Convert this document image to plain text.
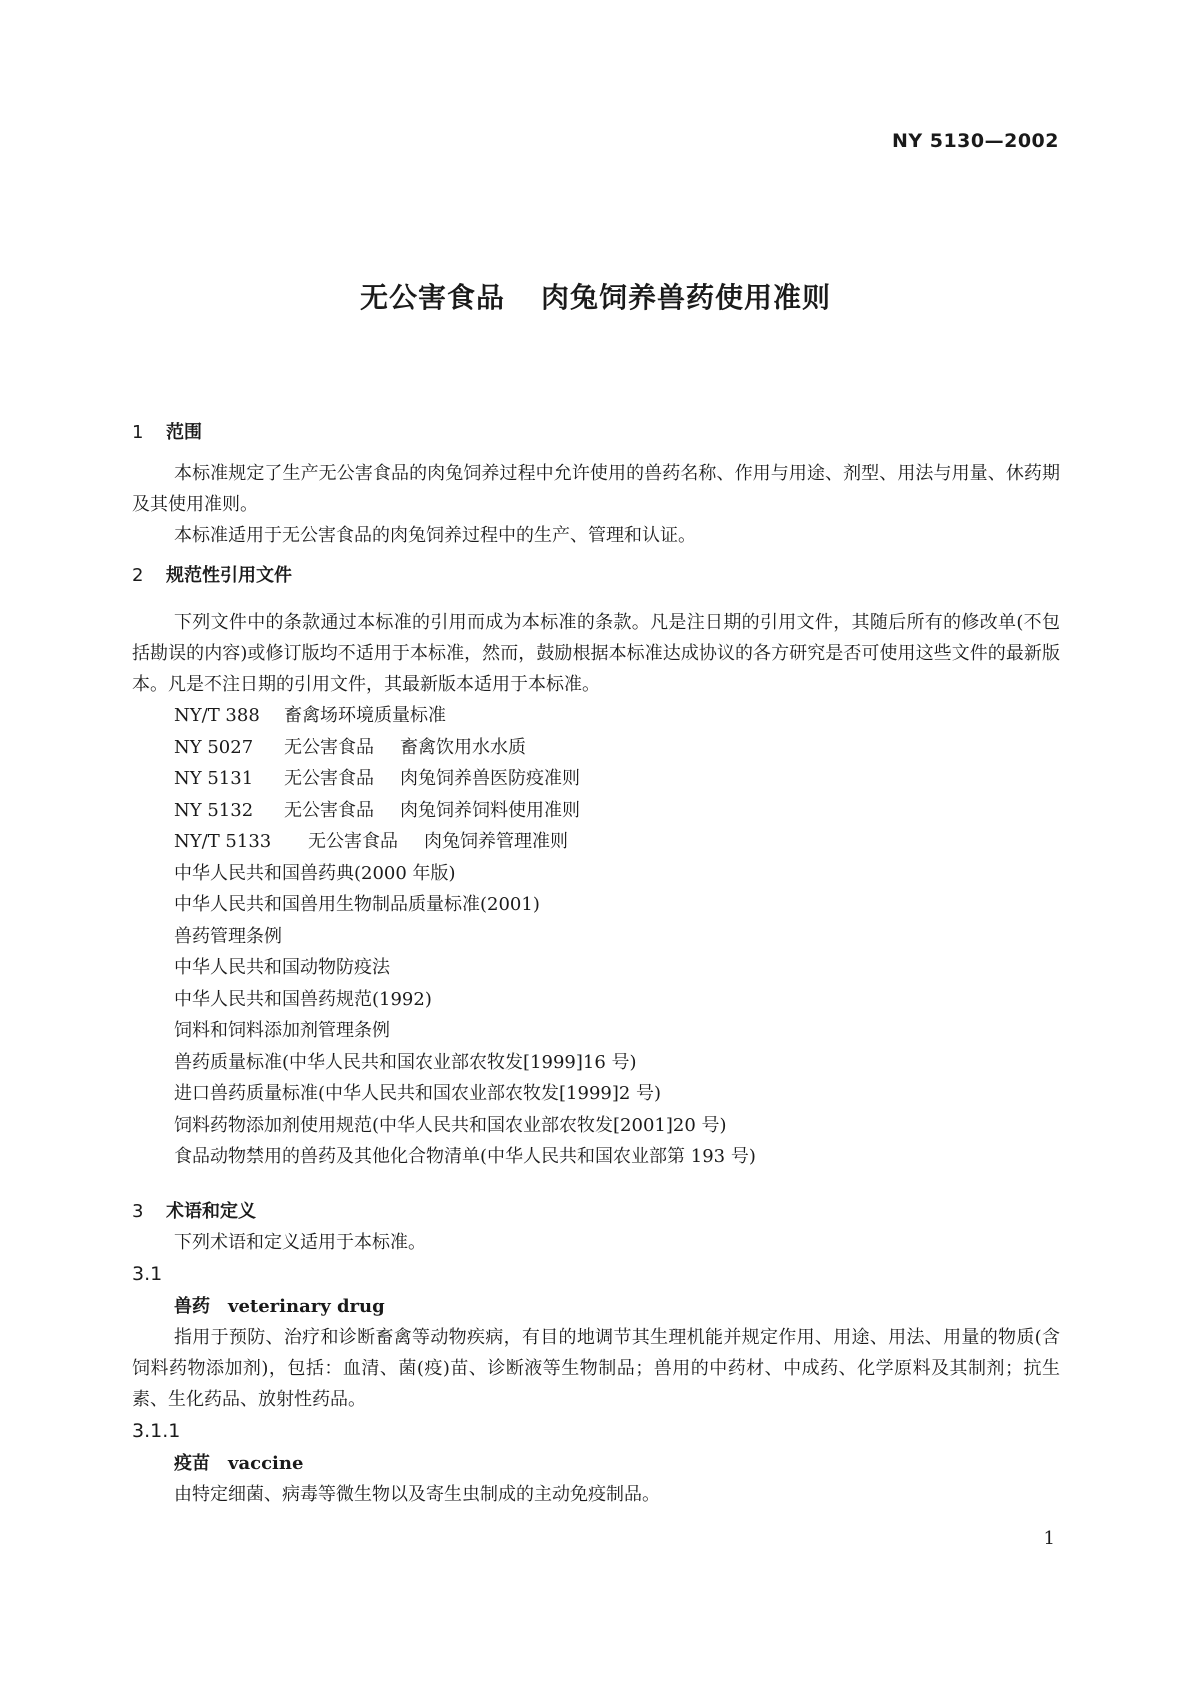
NY 5130—2002
无公害食品 肉兔饲养兽药使用准则
1 范围

本标准规定了生产无公害食品的肉兔饲养过程中允许使用的兽药名称、作用与用途、剂型、用法与用量、休药期及其使用准则。

本标准适用于无公害食品的肉兔饲养过程中的生产、管理和认证。

2 规范性引用文件

下列文件中的条款通过本标准的引用而成为本标准的条款。凡是注日期的引用文件，其随后所有的修改单(不包括勘误的内容)或修订版均不适用于本标准，然而，鼓励根据本标准达成协议的各方研究是否可使用这些文件的最新版本。凡是不注日期的引用文件，其最新版本适用于本标准。

NY/T 388 畜禽场环境质量标准
NY 5027 无公害食品 畜禽饮用水水质
NY 5131 无公害食品 肉兔饲养兽医防疫准则
NY 5132 无公害食品 肉兔饲养饲料使用准则
NY/T 5133 无公害食品 肉兔饲养管理准则
中华人民共和国兽药典(2000 年版)
中华人民共和国兽用生物制品质量标准(2001)
兽药管理条例
中华人民共和国动物防疫法
中华人民共和国兽药规范(1992)
饲料和饲料添加剂管理条例
兽药质量标准(中华人民共和国农业部农牧发[1999]16 号)
进口兽药质量标准(中华人民共和国农业部农牧发[1999]2 号)
饲料药物添加剂使用规范(中华人民共和国农业部农牧发[2001]20 号)
食品动物禁用的兽药及其他化合物清单(中华人民共和国农业部第 193 号)
3 术语和定义

下列术语和定义适用于本标准。

3.1
兽药 veterinary drug

指用于预防、治疗和诊断畜禽等动物疾病，有目的地调节其生理机能并规定作用、用途、用法、用量的物质(含饲料药物添加剂)，包括：血清、菌(疫)苗、诊断液等生物制品；兽用的中药材、中成药、化学原料及其制剂；抗生素、生化药品、放射性药品。

3.1.1
疫苗 vaccine

由特定细菌、病毒等微生物以及寄生虫制成的主动免疫制品。

1
